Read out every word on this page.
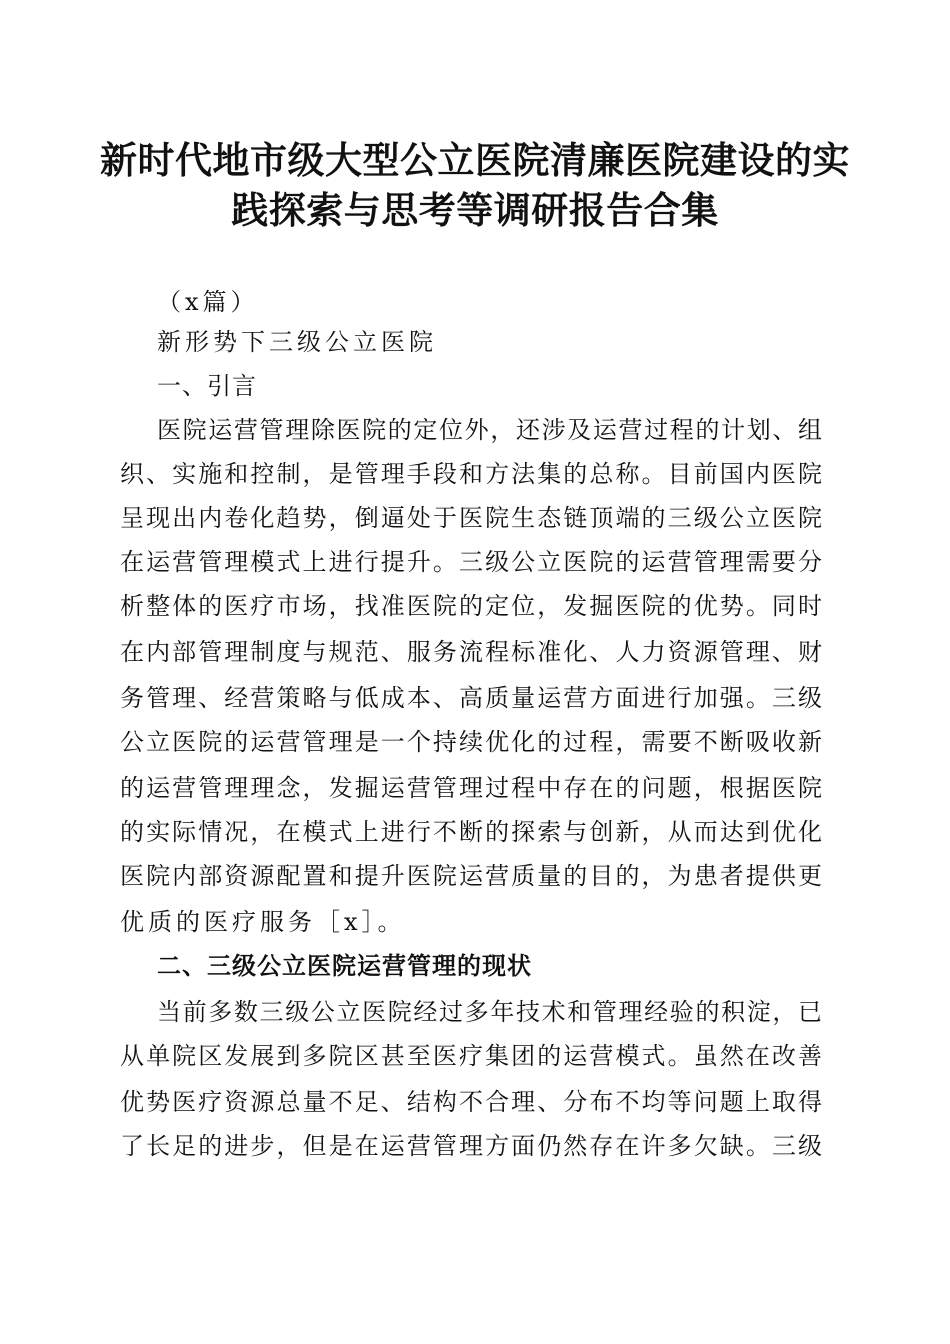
新时代地市级大型公立医院清廉医院建设的实
践探索与思考等调研报告合集
（x篇）
新形势下三级公立医院
一、引言
医院运营管理除医院的定位外，还涉及运营过程的计划、组
织、实施和控制，是管理手段和方法集的总称。目前国内医院
呈现出内卷化趋势，倒逼处于医院生态链顶端的三级公立医院
在运营管理模式上进行提升。三级公立医院的运营管理需要分
析整体的医疗市场，找准医院的定位，发掘医院的优势。同时
在内部管理制度与规范、服务流程标准化、人力资源管理、财
务管理、经营策略与低成本、高质量运营方面进行加强。三级
公立医院的运营管理是一个持续优化的过程，需要不断吸收新
的运营管理理念，发掘运营管理过程中存在的问题，根据医院
的实际情况，在模式上进行不断的探索与创新，从而达到优化
医院内部资源配置和提升医院运营质量的目的，为患者提供更
优质的医疗服务［x］。
二、三级公立医院运营管理的现状
当前多数三级公立医院经过多年技术和管理经验的积淀，已
从单院区发展到多院区甚至医疗集团的运营模式。虽然在改善
优势医疗资源总量不足、结构不合理、分布不均等问题上取得
了长足的进步，但是在运营管理方面仍然存在许多欠缺。三级
